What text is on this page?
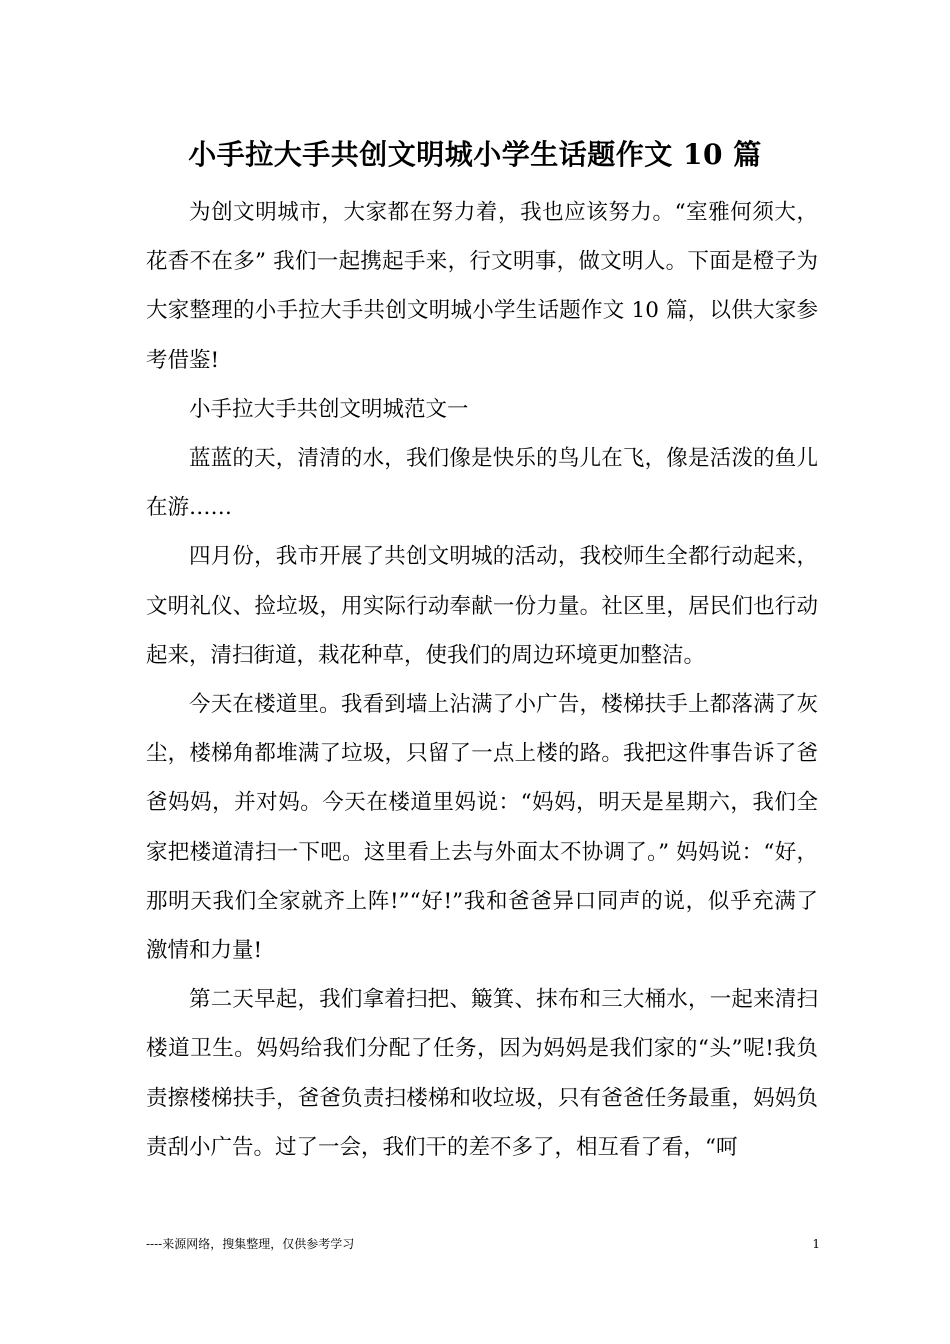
小手拉大手共创文明城小学生话题作文 10 篇

为创文明城市，大家都在努力着，我也应该努力。“室雅何须大，花香不在多” 我们一起携起手来，行文明事，做文明人。下面是橙子为大家整理的小手拉大手共创文明城小学生话题作文 10 篇，以供大家参考借鉴!

小手拉大手共创文明城范文一

蓝蓝的天，清清的水，我们像是快乐的鸟儿在飞，像是活泼的鱼儿在游……

四月份，我市开展了共创文明城的活动，我校师生全都行动起来，文明礼仪、捡垃圾，用实际行动奉献一份力量。社区里，居民们也行动起来，清扫街道，栽花种草，使我们的周边环境更加整洁。

今天在楼道里。我看到墙上沾满了小广告，楼梯扶手上都落满了灰尘，楼梯角都堆满了垃圾，只留了一点上楼的路。我把这件事告诉了爸爸妈妈，并对妈。今天在楼道里妈说：“妈妈，明天是星期六，我们全家把楼道清扫一下吧。这里看上去与外面太不协调了。” 妈妈说：“好，那明天我们全家就齐上阵!”“好!”我和爸爸异口同声的说，似乎充满了激情和力量!

第二天早起，我们拿着扫把、簸箕、抹布和三大桶水，一起来清扫楼道卫生。妈妈给我们分配了任务，因为妈妈是我们家的“头”呢!我负责擦楼梯扶手，爸爸负责扫楼梯和收垃圾，只有爸爸任务最重，妈妈负责刮小广告。过了一会，我们干的差不多了，相互看了看，“呵

----来源网络，搜集整理，仅供参考学习	1
